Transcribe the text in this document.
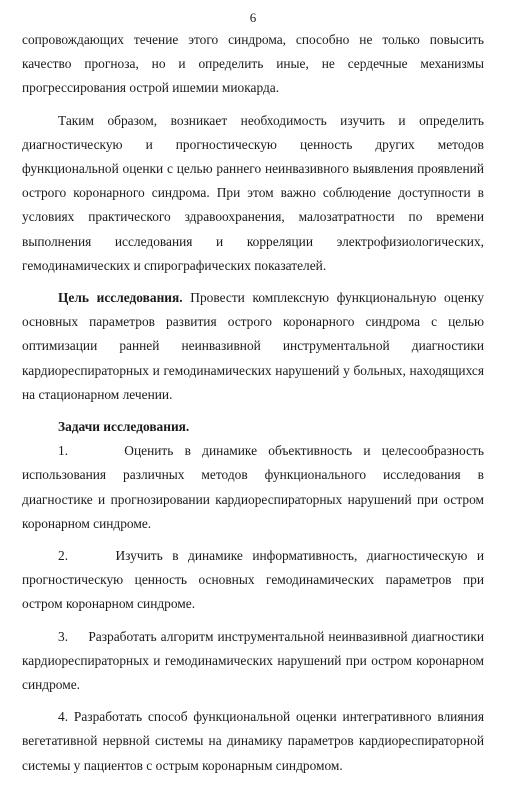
6

сопровождающих течение этого синдрома, способно не только повысить качество прогноза, но и определить иные, не сердечные механизмы прогрессирования острой ишемии миокарда.

Таким образом, возникает необходимость изучить и определить диагностическую и прогностическую ценность других методов функциональной оценки с целью раннего неинвазивного выявления проявлений острого коронарного синдрома. При этом важно соблюдение доступности в условиях практического здравоохранения, малозатратности по времени выполнения исследования и корреляции электрофизиологических, гемодинамических и спирографических показателей.

Цель исследования. Провести комплексную функциональную оценку основных параметров развития острого коронарного синдрома с целью оптимизации ранней неинвазивной инструментальной диагностики кардиореспираторных и гемодинамических нарушений у больных, находящихся на стационарном лечении.

Задачи исследования.

1.     Оценить в динамике объективность и целесообразность использования различных методов функционального исследования в диагностике и прогнозировании кардиореспираторных нарушений при остром коронарном синдроме.

2.     Изучить в динамике информативность, диагностическую и прогностическую ценность основных гемодинамических параметров при остром коронарном синдроме.

3.     Разработать алгоритм инструментальной неинвазивной диагностики кардиореспираторных и гемодинамических нарушений при остром коронарном синдроме.

4. Разработать способ функциональной оценки интегративного влияния вегетативной нервной системы на динамику параметров кардиореспираторной системы у пациентов с острым коронарным синдромом.
